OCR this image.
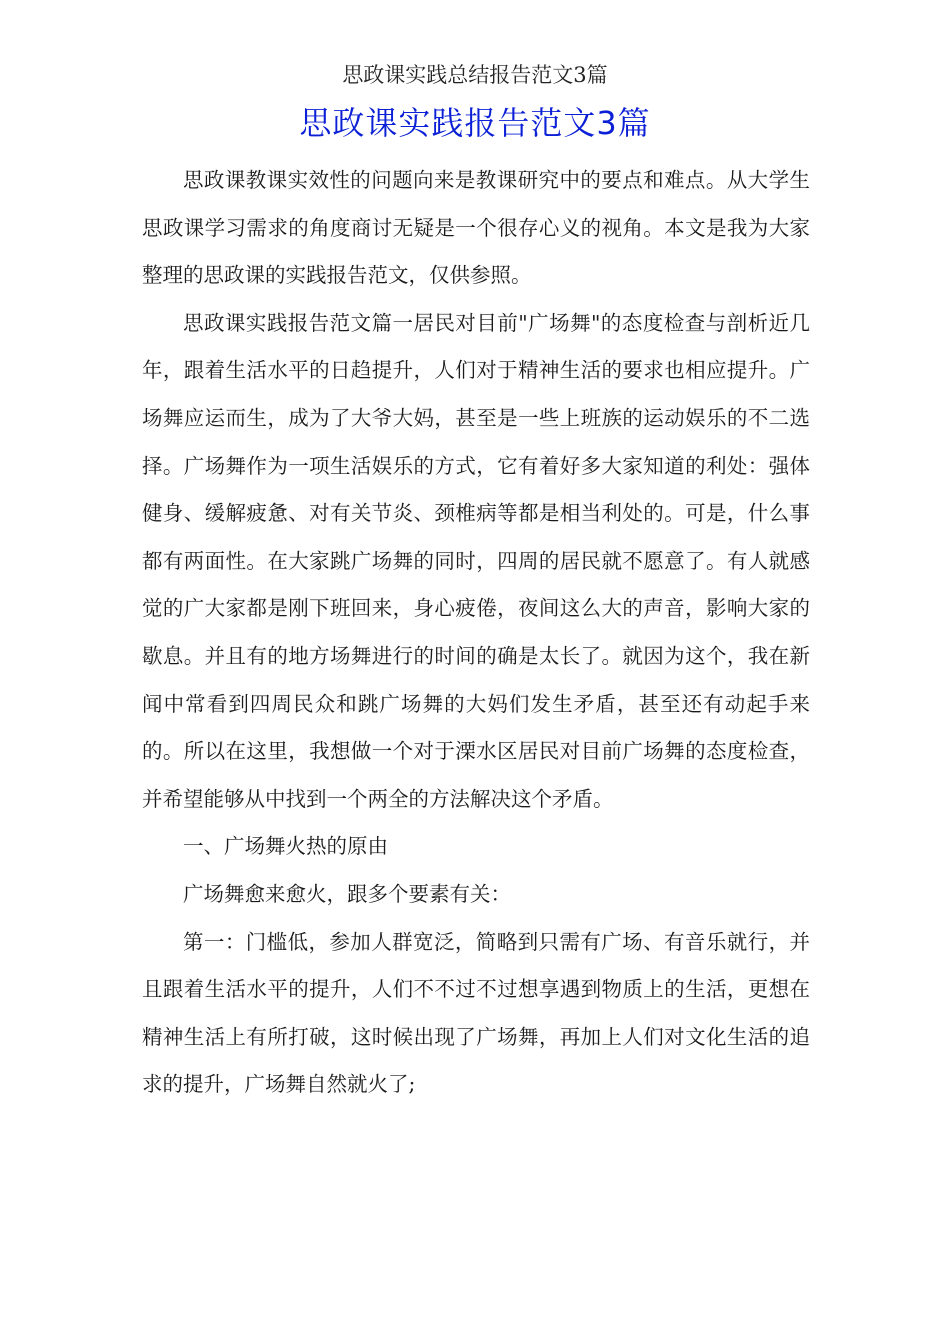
思政课实践总结报告范文3篇
思政课实践报告范文3篇

思政课教课实效性的问题向来是教课研究中的要点和难点。从大学生思政课学习需求的角度商讨无疑是一个很存心义的视角。本文是我为大家整理的思政课的实践报告范文，仅供参照。

思政课实践报告范文篇一居民对目前"广场舞"的态度检查与剖析近几年，跟着生活水平的日趋提升，人们对于精神生活的要求也相应提升。广场舞应运而生，成为了大爷大妈，甚至是一些上班族的运动娱乐的不二选择。广场舞作为一项生活娱乐的方式，它有着好多大家知道的利处：强体健身、缓解疲惫、对有关节炎、颈椎病等都是相当利处的。可是，什么事都有两面性。在大家跳广场舞的同时，四周的居民就不愿意了。有人就感觉的广大家都是刚下班回来，身心疲倦，夜间这么大的声音，影响大家的歇息。并且有的地方场舞进行的时间的确是太长了。就因为这个，我在新闻中常看到四周民众和跳广场舞的大妈们发生矛盾，甚至还有动起手来的。所以在这里，我想做一个对于溧水区居民对目前广场舞的态度检查，并希望能够从中找到一个两全的方法解决这个矛盾。

一、广场舞火热的原由

广场舞愈来愈火，跟多个要素有关：

第一：门槛低，参加人群宽泛，简略到只需有广场、有音乐就行，并且跟着生活水平的提升，人们不不过不过想享遇到物质上的生活，更想在精神生活上有所打破，这时候出现了广场舞，再加上人们对文化生活的追求的提升，广场舞自然就火了;
